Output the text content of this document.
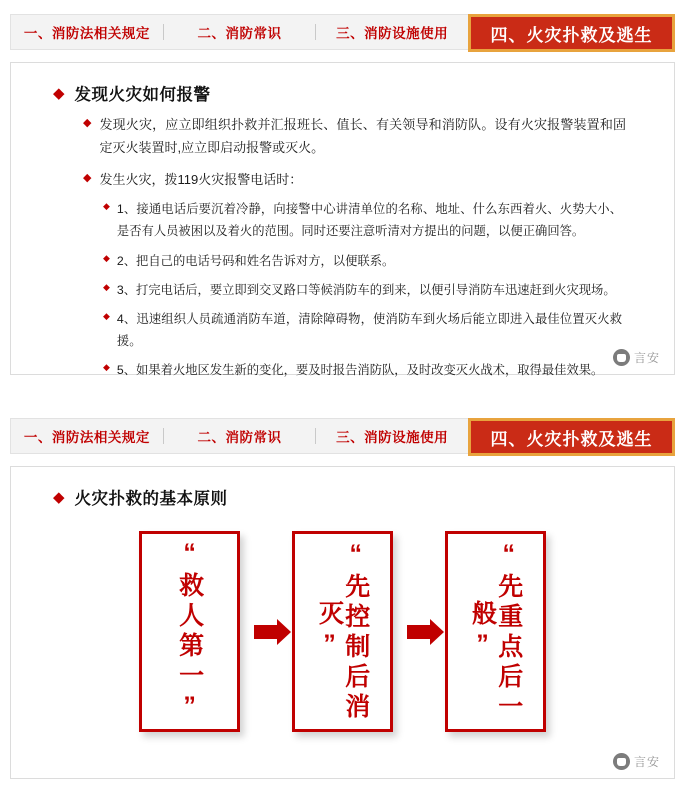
一、消防法相关规定	二、消防常识	三、消防设施使用	四、火灾扑救及逃生
◆ 发现火灾如何报警
◆ 发现火灾，应立即组织扑救并汇报班长、值长、有关领导和消防队。设有火灾报警装置和固定灭火装置时,应立即启动报警或灭火。
◆ 发生火灾，拨119火灾报警电话时：
◆ 1、接通电话后要沉着冷静，向接警中心讲清单位的名称、地址、什么东西着火、火势大小、是否有人员被困以及着火的范围。同时还要注意听清对方提出的问题，以便正确回答。
◆ 2、把自己的电话号码和姓名告诉对方，以便联系。
◆ 3、打完电话后，要立即到交叉路口等候消防车的到来，以便引导消防车迅速赶到火灾现场。
◆ 4、迅速组织人员疏通消防车道，清除障碍物，使消防车到火场后能立即进入最佳位置灭火救援。
◆ 5、如果着火地区发生新的变化，要及时报告消防队，及时改变灭火战术，取得最佳效果。
言安
一、消防法相关规定	二、消防常识	三、消防设施使用	四、火灾扑救及逃生
◆ 火灾扑救的基本原则
“救人第一”	“先控制后消灭”	“先重点后一般”
言安
